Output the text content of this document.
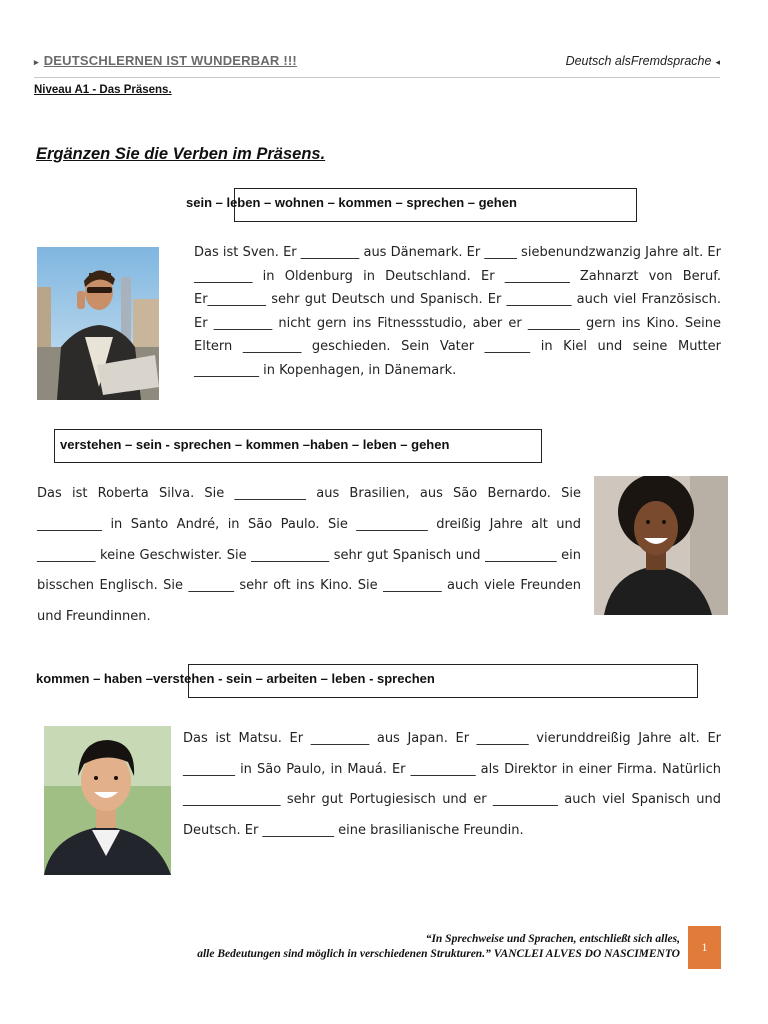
▸ DEUTSCHLERNEN IST WUNDERBAR !!!	Deutsch alsFremdsprache ◂
Niveau A1 - Das Präsens.
Ergänzen Sie die Verben im Präsens.
sein – leben – wohnen – kommen – sprechen – gehen

Das ist Sven. Er _________ aus Dänemark. Er _____ siebenundzwanzig Jahre alt. Er _________ in Oldenburg in Deutschland. Er __________ Zahnarzt von Beruf. Er_________ sehr gut Deutsch und Spanisch. Er __________ auch viel Französisch. Er _________ nicht gern ins Fitnessstudio, aber er ________ gern ins Kino. Seine Eltern _________ geschieden. Sein Vater _______ in Kiel und seine Mutter __________ in Kopenhagen, in Dänemark.

verstehen – sein - sprechen – kommen –haben – leben – gehen

Das ist Roberta Silva. Sie ___________ aus Brasilien, aus São Bernardo. Sie __________ in Santo André, in São Paulo. Sie ___________ dreißig Jahre alt und _________ keine Geschwister. Sie ____________ sehr gut Spanisch und ___________ ein bisschen Englisch. Sie _______ sehr oft ins Kino. Sie _________ auch viele Freunden und Freundinnen.

kommen – haben –verstehen - sein – arbeiten – leben - sprechen

Das ist Matsu. Er _________ aus Japan. Er ________ vierunddreißig Jahre alt. Er ________ in São Paulo, in Mauá. Er __________ als Direktor in einer Firma. Natürlich _______________ sehr gut Portugiesisch und er __________ auch viel Spanisch und Deutsch. Er ___________ eine brasilianische Freundin.

“In Sprechweise und Sprachen, entschließt sich alles,
alle Bedeutungen sind möglich in verschiedenen Strukturen.” VANCLEI ALVES DO NASCIMENTO 1
